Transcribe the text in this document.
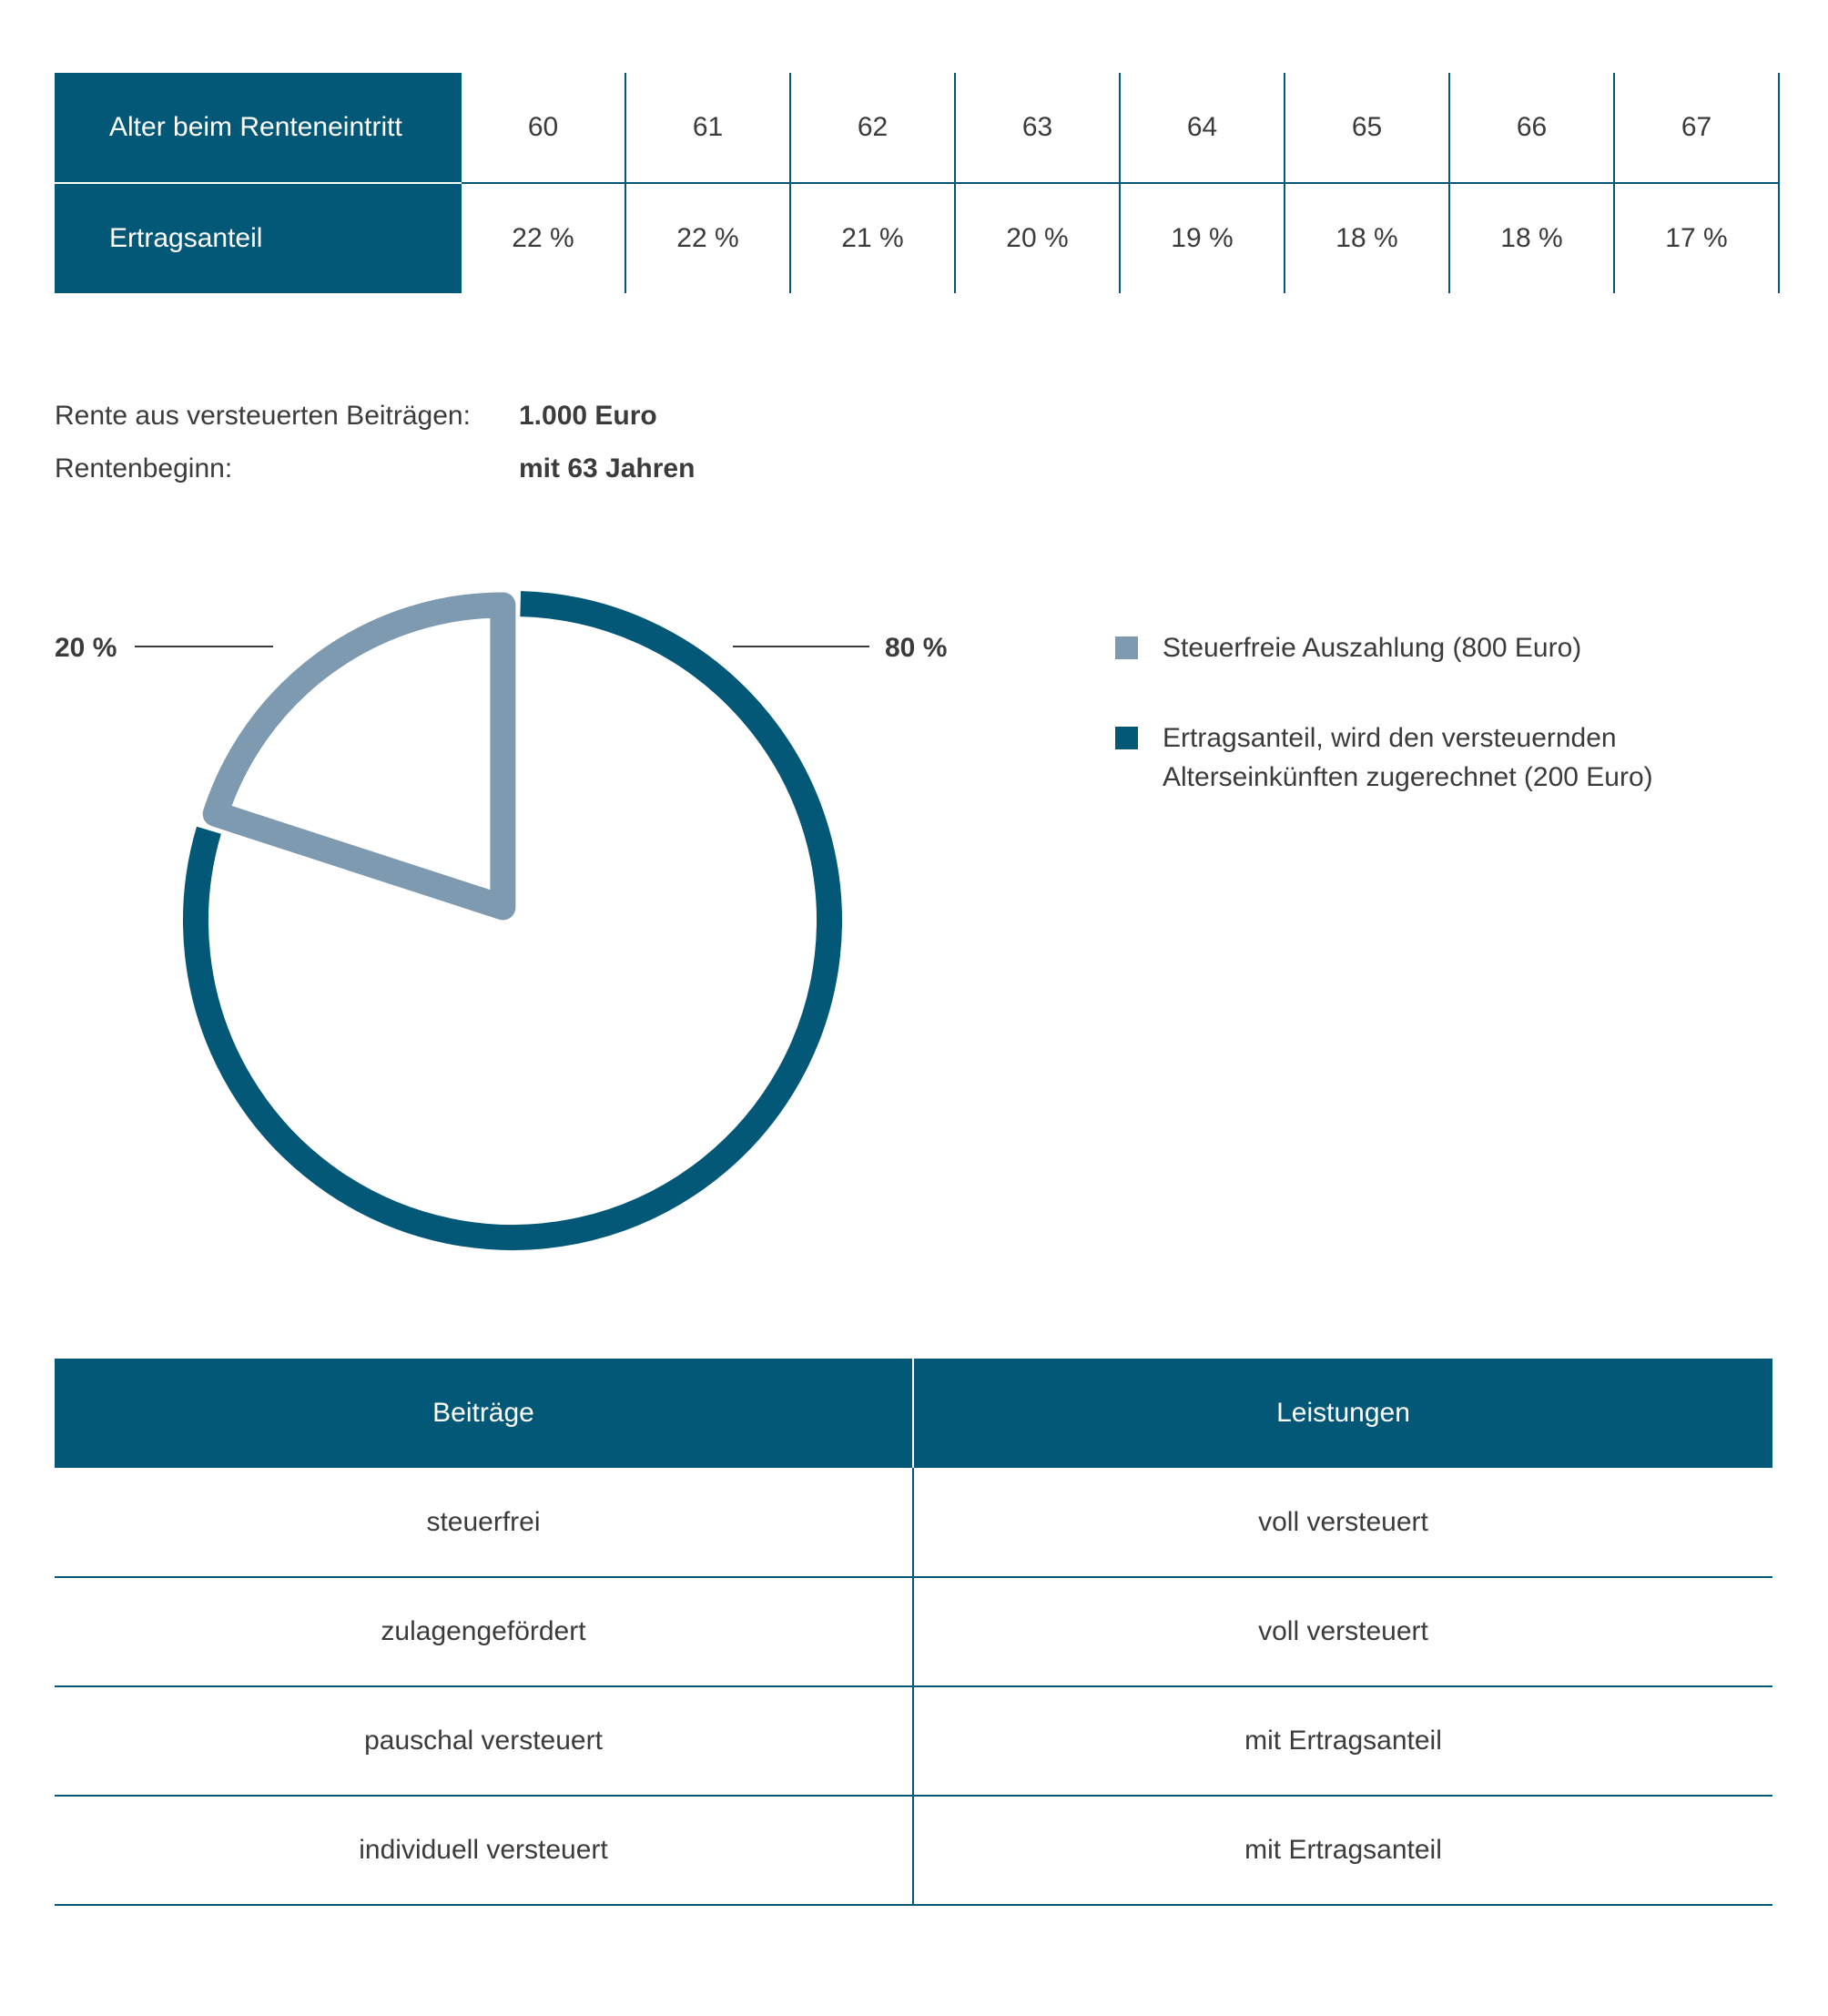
Alter beim Renteneintritt	60	61	62	63	64	65	66	67
Ertragsanteil	22 %	22 %	21 %	20 %	19 %	18 %	18 %	17 %
Rente aus versteuerten Beiträgen: 1.000 Euro
Rentenbeginn:	mit 63 Jahren
20 %	80 %	Steuerfreie Auszahlung (800 Euro)
Ertragsanteil, wird den versteuernden
Alterseinkünften zugerechnet (200 Euro)
Beiträge	Leistungen
steuerfrei	voll versteuert
zulagengefördert	voll versteuert
pauschal versteuert	mit Ertragsanteil
individuell versteuert	mit Ertragsanteil
